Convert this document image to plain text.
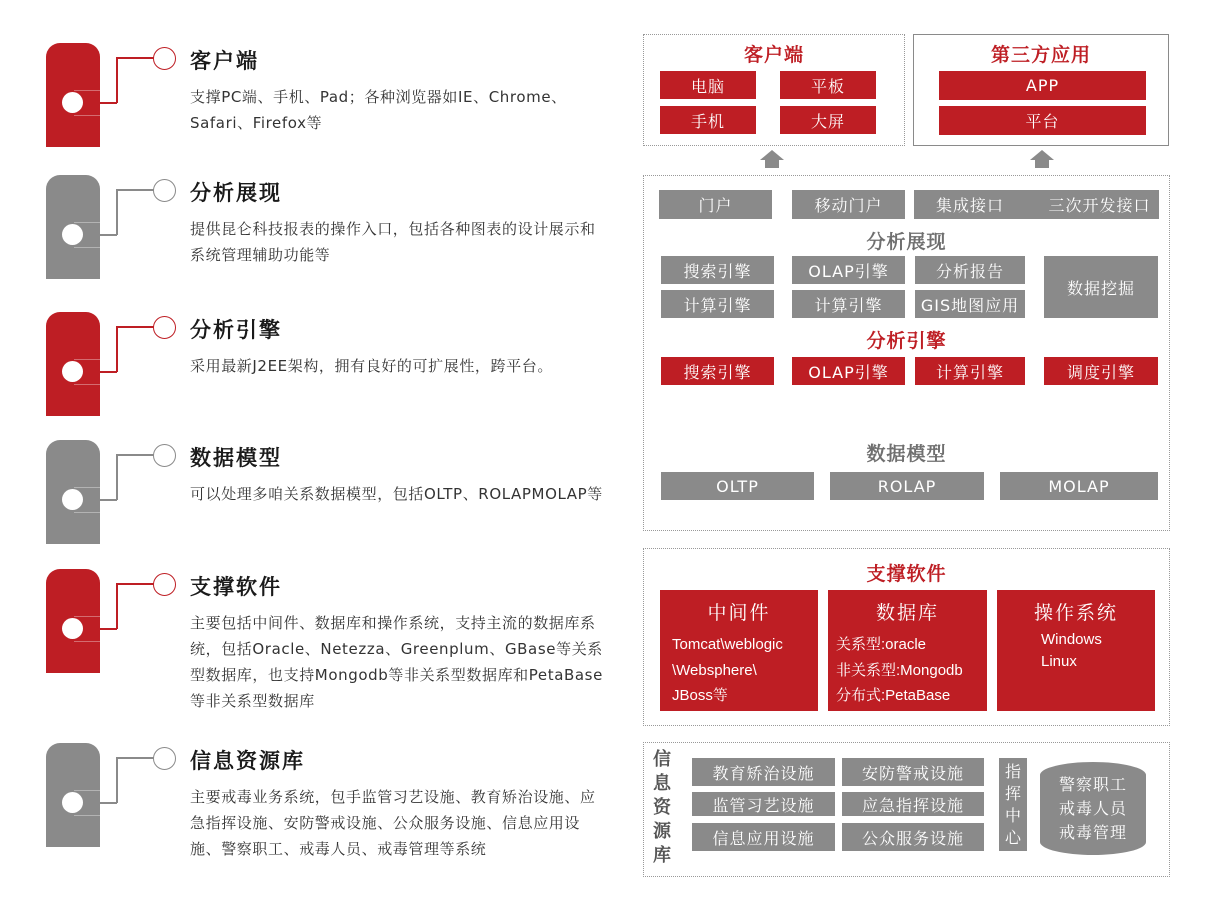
客户端
支撑PC端、手机、Pad；各种浏览器如IE、Chrome、Safari、Firefox等
分析展现
提供昆仑科技报表的操作入口，包括各种图表的设计展示和系统管理辅助功能等
分析引擎
采用最新J2EE架构，拥有良好的可扩展性，跨平台。
数据模型
可以处理多咱关系数据模型，包括OLTP、ROLAPMOLAP等
支撑软件
主要包括中间件、数据库和操作系统，支持主流的数据库系统，包括Oracle、Netezza、Greenplum、GBase等关系型数据库，也支持Mongodb等非关系型数据库和PetaBase等非关系型数据库
信息资源库
主要戒毒业务系统，包手监管习艺设施、教育矫治设施、应急指挥设施、安防警戒设施、公众服务设施、信息应用设施、警察职工、戒毒人员、戒毒管理等系统
客户端
电脑	平板
手机	大屏
第三方应用
APP
平台
门户	移动门户	集成接口	三次开发接口
分析展现
搜索引擎	OLAP引擎	分析报告
计算引擎	计算引擎	GIS地图应用
数据挖掘
分析引擎
搜索引擎	OLAP引擎	计算引擎	调度引擎
数据模型
OLTP	ROLAP	MOLAP
支撑软件
中间件
Tomcat\weblogic
\Websphere\
JBoss等
数据库
关系型:oracle
非关系型:Mongodb
分布式:PetaBase
操作系统
Windows
Linux
信
息
资
源
库
教育矫治设施	安防警戒设施
监管习艺设施	应急指挥设施
信息应用设施	公众服务设施
指
挥
中
心
警察职工
戒毒人员
戒毒管理
